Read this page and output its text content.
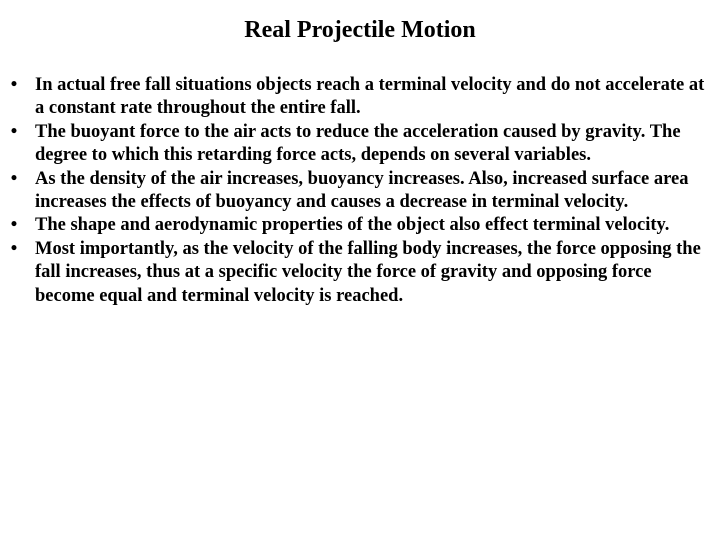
Real Projectile Motion
• In actual free fall situations objects reach a terminal velocity and do not accelerate at a constant rate throughout the entire fall.
• The buoyant force to the air acts to reduce the acceleration caused by gravity. The degree to which this retarding force acts, depends on several variables.
• As the density of the air increases, buoyancy increases. Also, increased surface area increases the effects of buoyancy and causes a decrease in terminal velocity.
• The shape and aerodynamic properties of the object also effect terminal velocity.
• Most importantly, as the velocity of the falling body increases, the force opposing the fall increases, thus at a specific velocity the force of gravity and opposing force become equal and terminal velocity is reached.
